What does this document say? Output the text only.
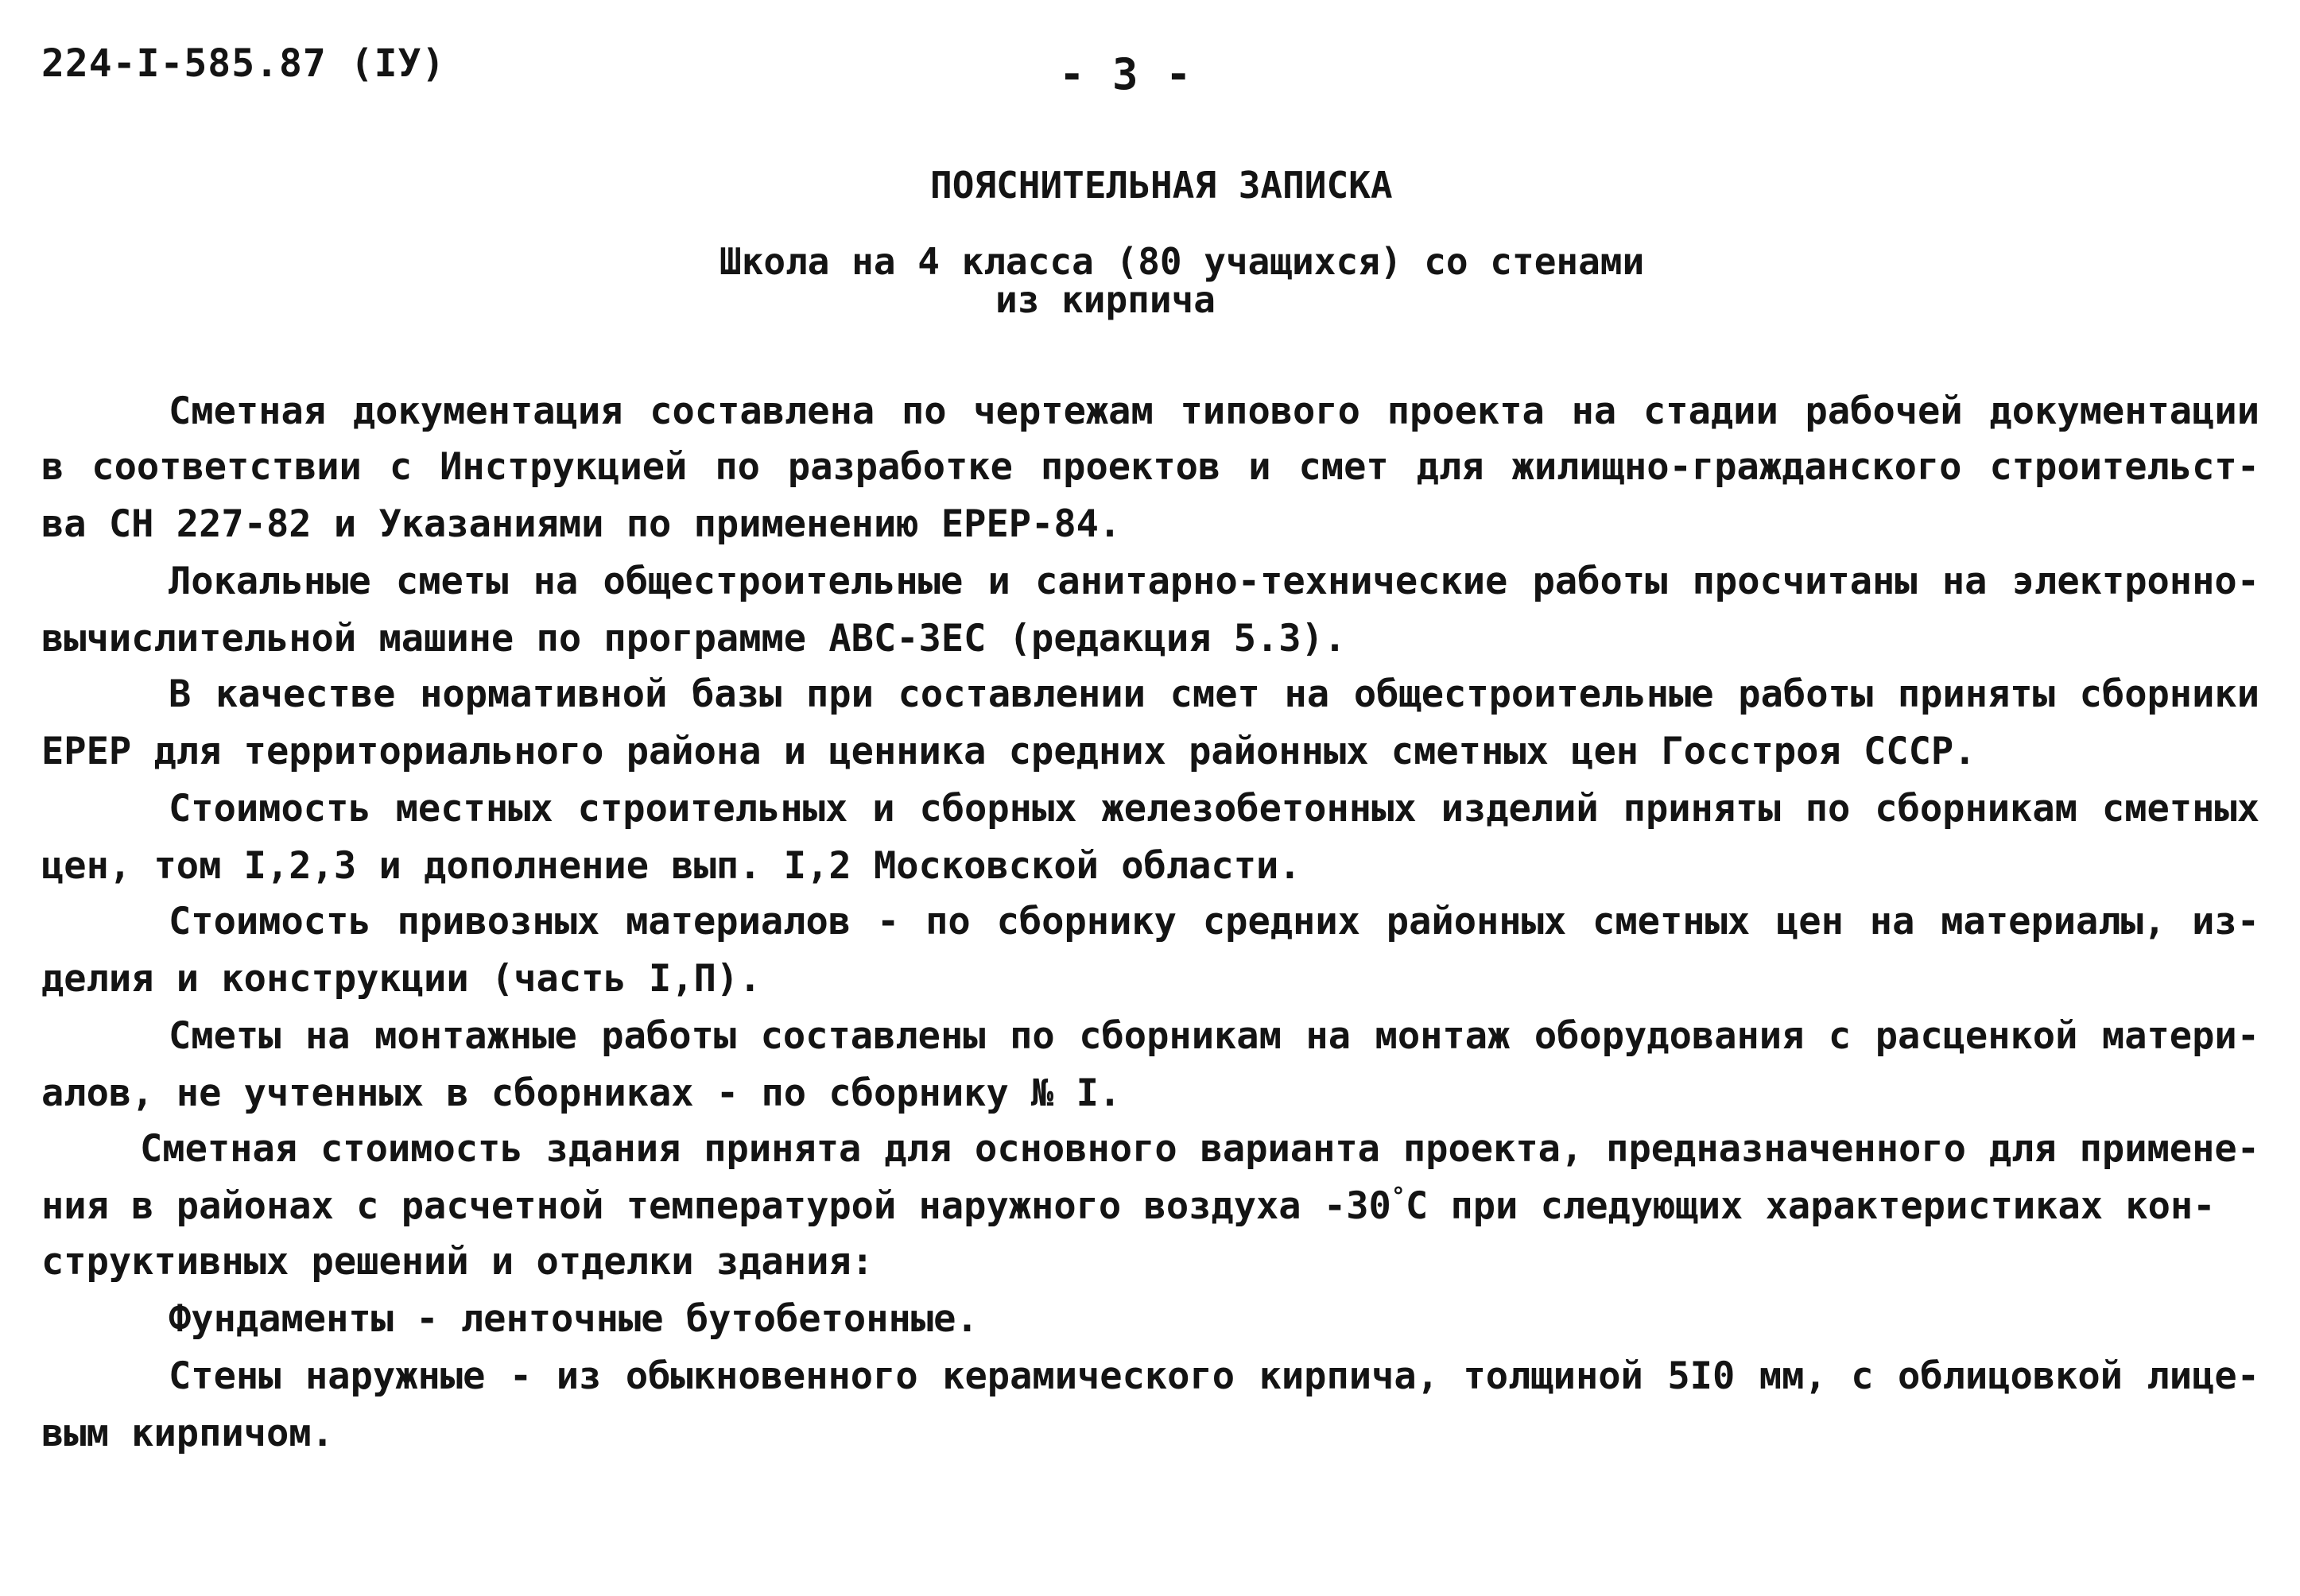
224-I-585.87 (IУ)	- 3 -
ПОЯСНИТЕЛЬНАЯ ЗАПИСКА
Школа на 4 класса (80 учащихся) со стенами
из кирпича
Сметная документация составлена по чертежам типового проекта на стадии рабочей документации
в соответствии с Инструкцией по разработке проектов и смет для жилищно-гражданского строительст-
ва СН 227-82 и Указаниями по применению ЕРЕР-84.
Локальные сметы на общестроительные и санитарно-технические работы просчитаны на электронно-
вычислительной машине по программе АВС-ЗЕС (редакция 5.3).
В качестве нормативной базы при составлении смет на общестроительные работы приняты сборники
ЕРЕР для территориального района и ценника средних районных сметных цен Госстроя СССР.
Стоимость местных строительных и сборных железобетонных изделий приняты по сборникам сметных
цен, том I,2,3 и дополнение вып. I,2 Московской области.
Стоимость привозных материалов - по сборнику средних районных сметных цен на материалы, из-
делия и конструкции (часть I,П).
Сметы на монтажные работы составлены по сборникам на монтаж оборудования с расценкой матери-
алов, не учтенных в сборниках - по сборнику № I.
Сметная стоимость здания принята для основного варианта проекта, предназначенного для примене-
ния в районах с расчетной температурой наружного воздуха -30°С при следующих характеристиках кон-
структивных решений и отделки здания:
Фундаменты - ленточные бутобетонные.
Стены наружные - из обыкновенного керамического кирпича, толщиной 5I0 мм, с облицовкой лице-
вым кирпичом.
